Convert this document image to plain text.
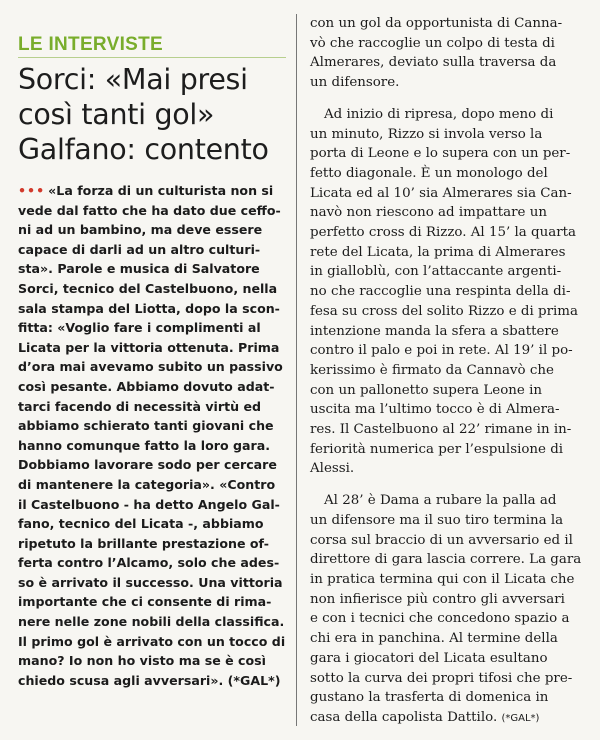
LE INTERVISTE
Sorci: «Mai presi
così tanti gol»
Galfano: contento
••• «La forza di un culturista non si
vede dal fatto che ha dato due ceffo-
ni ad un bambino, ma deve essere
capace di darli ad un altro culturi-
sta». Parole e musica di Salvatore
Sorci, tecnico del Castelbuono, nella
sala stampa del Liotta, dopo la scon-
fitta: «Voglio fare i complimenti al
Licata per la vittoria ottenuta. Prima
d’ora mai avevamo subito un passivo
così pesante. Abbiamo dovuto adat-
tarci facendo di necessità virtù ed
abbiamo schierato tanti giovani che
hanno comunque fatto la loro gara.
Dobbiamo lavorare sodo per cercare
di mantenere la categoria». «Contro
il Castelbuono - ha detto Angelo Gal-
fano, tecnico del Licata -, abbiamo
ripetuto la brillante prestazione of-
ferta contro l’Alcamo, solo che ades-
so è arrivato il successo. Una vittoria
importante che ci consente di rima-
nere nelle zone nobili della classifica.
Il primo gol è arrivato con un tocco di
mano? Io non ho visto ma se è così
chiedo scusa agli avversari». (*GAL*)
con un gol da opportunista di Canna-
vò che raccoglie un colpo di testa di
Almerares, deviato sulla traversa da
un difensore.
Ad inizio di ripresa, dopo meno di
un minuto, Rizzo si invola verso la
porta di Leone e lo supera con un per-
fetto diagonale. È un monologo del
Licata ed al 10’ sia Almerares sia Can-
navò non riescono ad impattare un
perfetto cross di Rizzo. Al 15’ la quarta
rete del Licata, la prima di Almerares
in giallоblù, con l’attaccante argenti-
no che raccoglie una respinta della di-
fesa su cross del solito Rizzo e di prima
intenzione manda la sfera a sbattere
contro il palo e poi in rete. Al 19’ il po-
kerissimo è firmato da Cannavò che
con un pallonetto supera Leone in
uscita ma l’ultimo tocco è di Almera-
res. Il Castelbuono al 22’ rimane in in-
feriorità numerica per l’espulsione di
Alessi.
Al 28’ è Dama a rubare la palla ad
un difensore ma il suo tiro termina la
corsa sul braccio di un avversario ed il
direttore di gara lascia correre. La gara
in pratica termina qui con il Licata che
non infierisce più contro gli avversari
e con i tecnici che concedono spazio a
chi era in panchina. Al termine della
gara i giocatori del Licata esultano
sotto la curva dei propri tifosi che pre-
gustano la trasferta di domenica in
casa della capolista Dattilo. (*GAL*)
